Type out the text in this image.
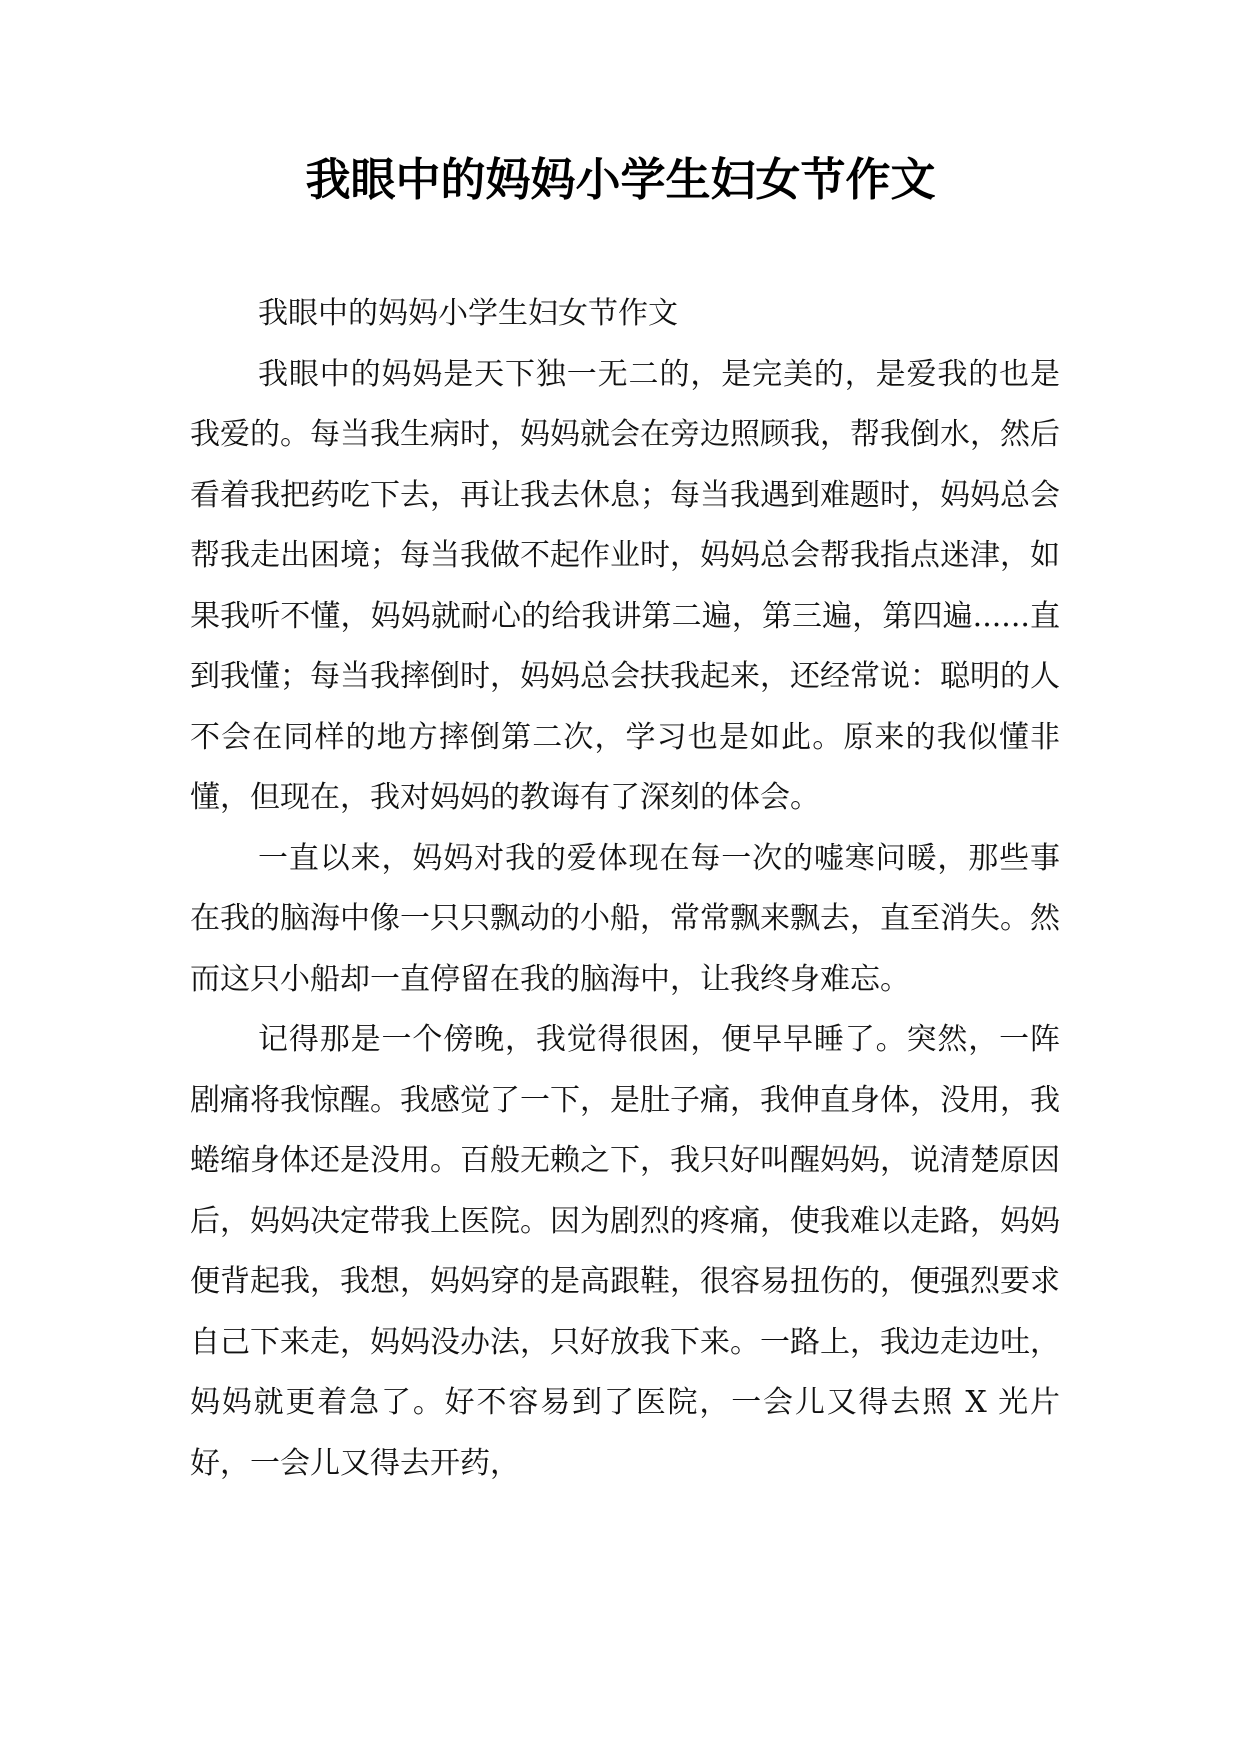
我眼中的妈妈小学生妇女节作文

我眼中的妈妈小学生妇女节作文

我眼中的妈妈是天下独一无二的，是完美的，是爱我的也是我爱的。每当我生病时，妈妈就会在旁边照顾我，帮我倒水，然后看着我把药吃下去，再让我去休息；每当我遇到难题时，妈妈总会帮我走出困境；每当我做不起作业时，妈妈总会帮我指点迷津，如果我听不懂，妈妈就耐心的给我讲第二遍，第三遍，第四遍......直到我懂；每当我摔倒时，妈妈总会扶我起来，还经常说：聪明的人不会在同样的地方摔倒第二次，学习也是如此。原来的我似懂非懂，但现在，我对妈妈的教诲有了深刻的体会。

一直以来，妈妈对我的爱体现在每一次的嘘寒问暖，那些事在我的脑海中像一只只飘动的小船，常常飘来飘去，直至消失。然而这只小船却一直停留在我的脑海中，让我终身难忘。

记得那是一个傍晚，我觉得很困，便早早睡了。突然，一阵剧痛将我惊醒。我感觉了一下，是肚子痛，我伸直身体，没用，我蜷缩身体还是没用。百般无赖之下，我只好叫醒妈妈，说清楚原因后，妈妈决定带我上医院。因为剧烈的疼痛，使我难以走路，妈妈便背起我，我想，妈妈穿的是高跟鞋，很容易扭伤的，便强烈要求自己下来走，妈妈没办法，只好放我下来。一路上，我边走边吐，妈妈就更着急了。好不容易到了医院，一会儿又得去照 X 光片好，一会儿又得去开药，
